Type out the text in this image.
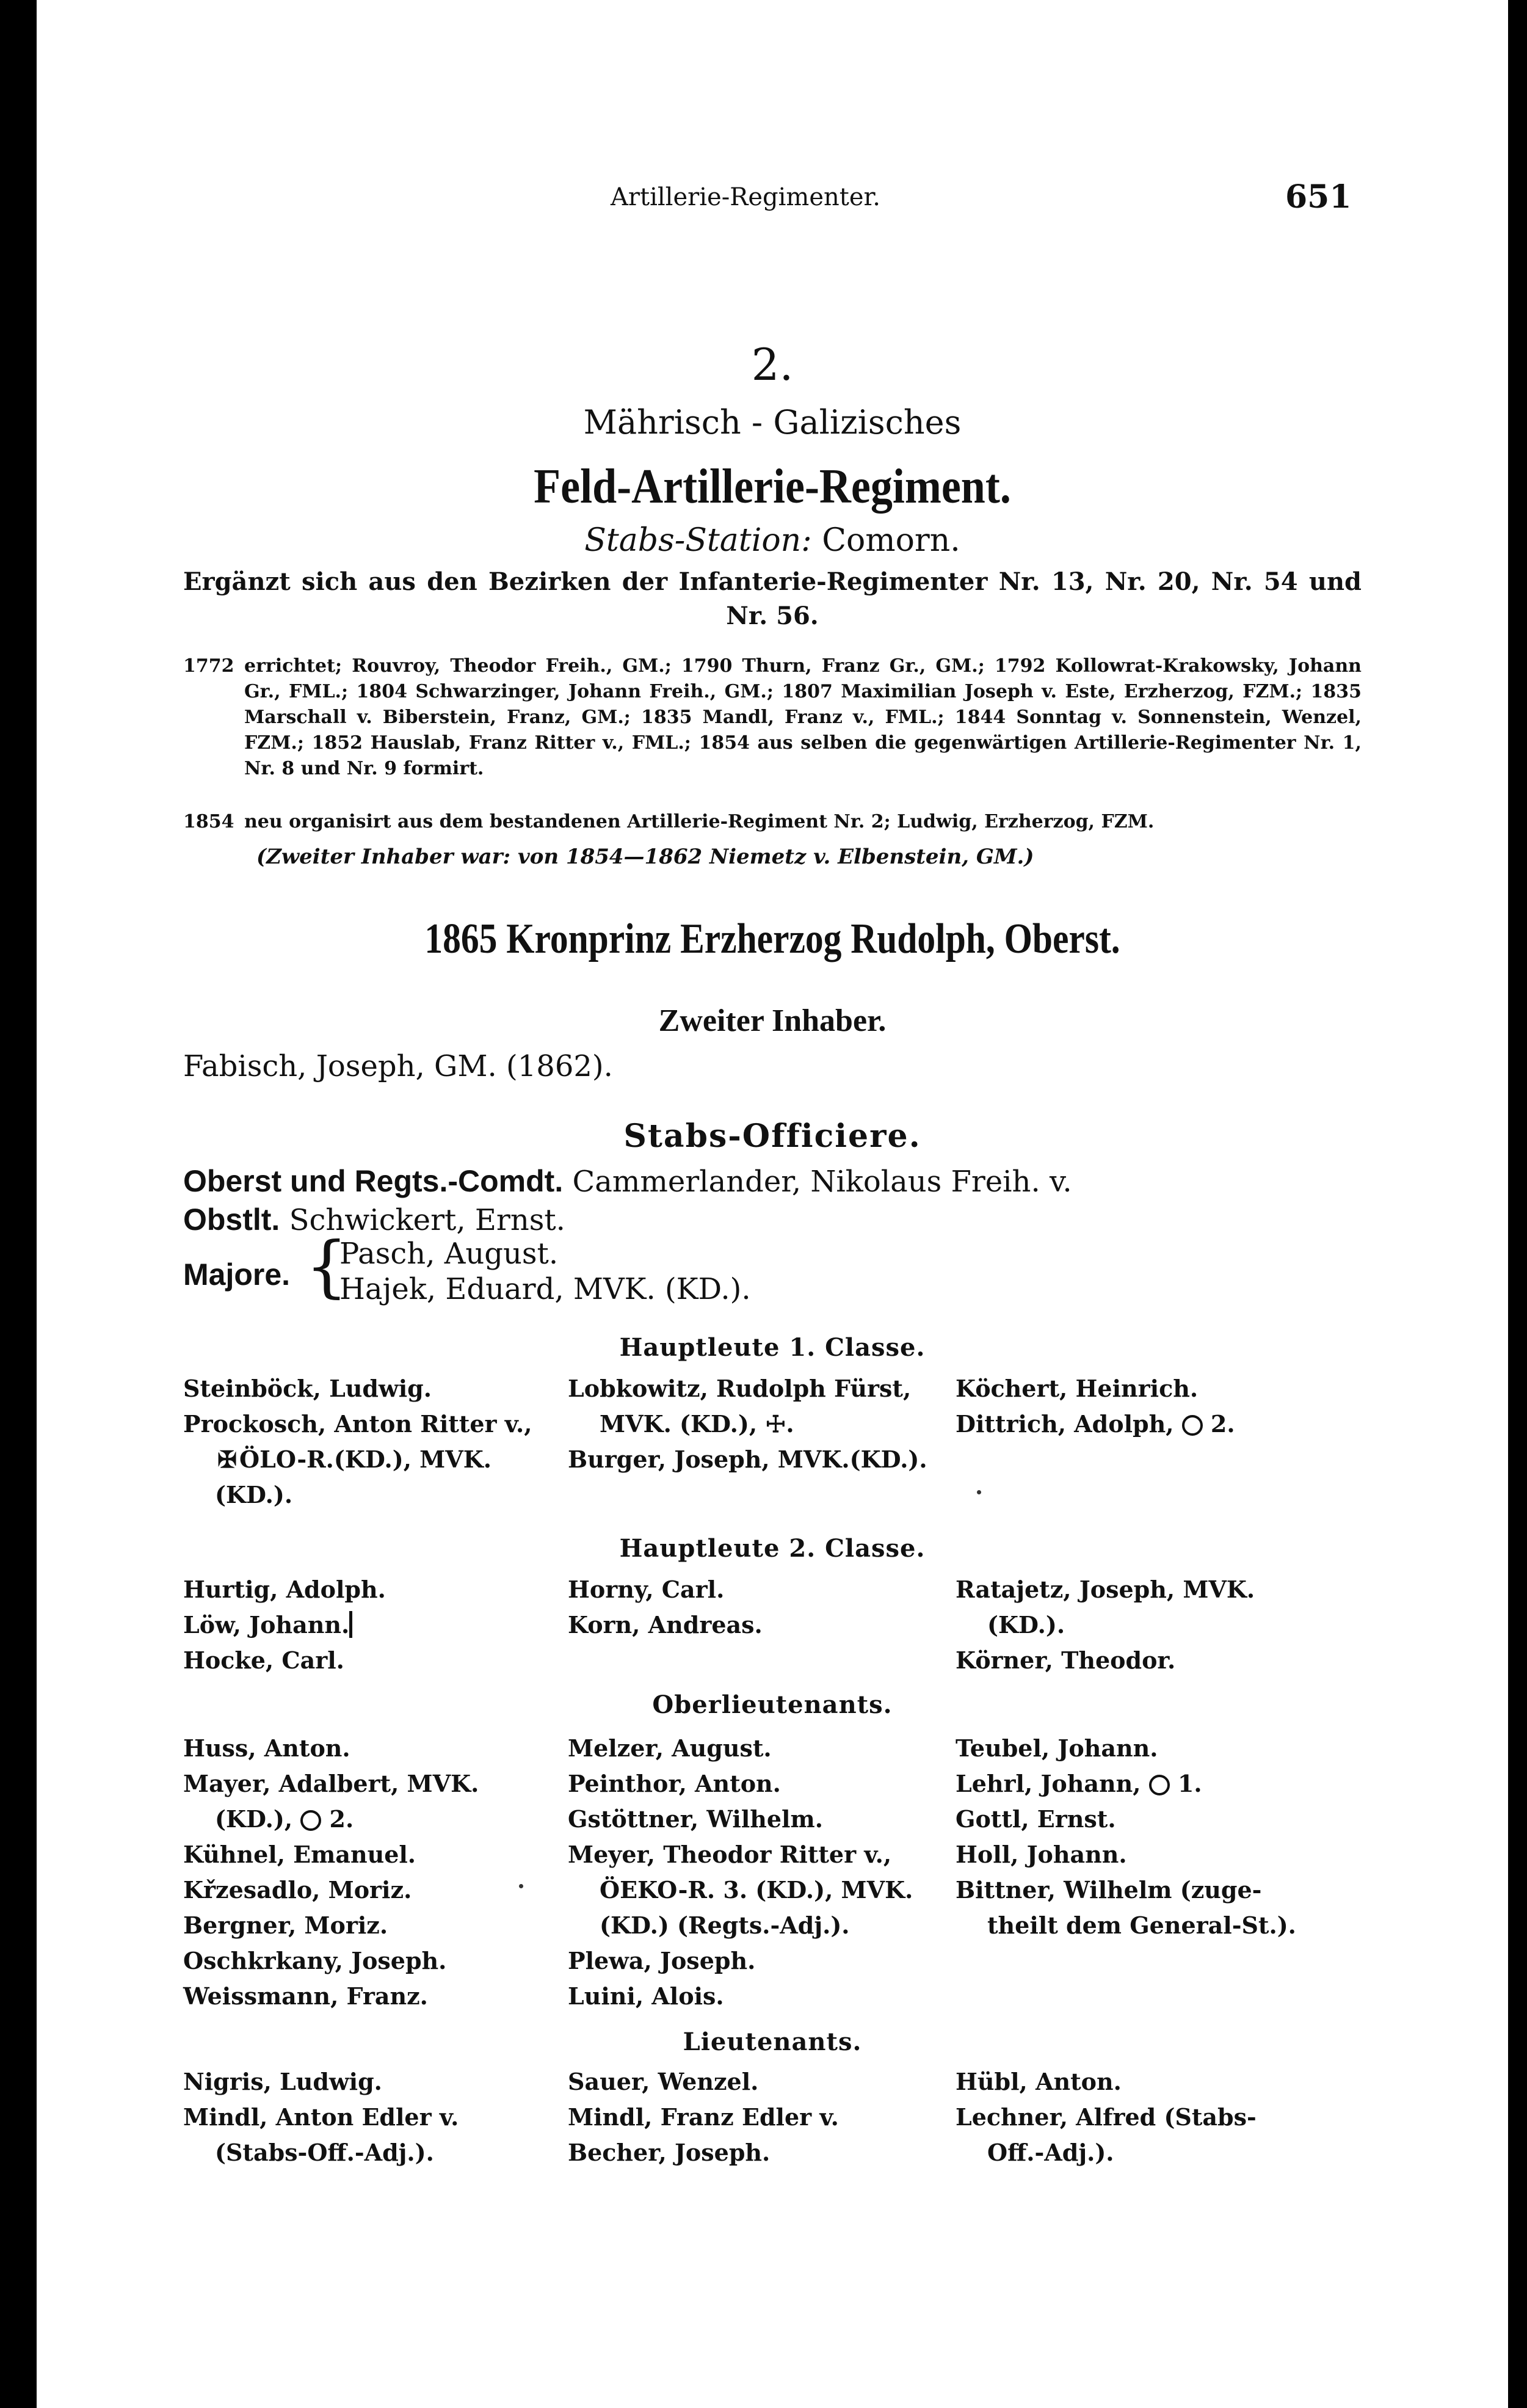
Artillerie-Regimenter.	651
2.
Mährisch - Galizisches
Feld-Artillerie-Regiment.
Stabs-Station: Comorn.
Ergänzt sich aus den Bezirken der Infanterie-Regimenter Nr. 13, Nr. 20, Nr. 54 und Nr. 56.
1772 errichtet; Rouvroy, Theodor Freih., GM.; 1790 Thurn, Franz Gr., GM.; 1792 Kollowrat-Krakowsky, Johann Gr., FML.; 1804 Schwarzinger, Johann Freih., GM.; 1807 Maximilian Joseph v. Este, Erzherzog, FZM.; 1835 Marschall v. Biberstein, Franz, GM.; 1835 Mandl, Franz v., FML.; 1844 Sonntag v. Sonnenstein, Wenzel, FZM.; 1852 Hauslab, Franz Ritter v., FML.; 1854 aus selben die gegenwärtigen Artillerie-Regimenter Nr. 1, Nr. 8 und Nr. 9 formirt.
1854 neu organisirt aus dem bestandenen Artillerie-Regiment Nr. 2; Ludwig, Erzherzog, FZM.
(Zweiter Inhaber war: von 1854—1862 Niemetz v. Elbenstein, GM.)
1865 Kronprinz Erzherzog Rudolph, Oberst.
Zweiter Inhaber.
Fabisch, Joseph, GM. (1862).
Stabs-Officiere.
Oberst und Regts.-Comdt. Cammerlander, Nikolaus Freih. v.
Obstlt. Schwickert, Ernst.
Majore. {
Pasch, August.
Hajek, Eduard, MVK. (KD.).
Hauptleute 1. Classe.
Steinböck, Ludwig.
Prockosch, Anton Ritter v.,
✠ ÖLO-R.(KD.), MVK.
(KD.).
Lobkowitz, Rudolph Fürst,
MVK. (KD.), ☩.
Burger, Joseph, MVK.(KD.).
Köchert, Heinrich.
Dittrich, Adolph, 2.
Hauptleute 2. Classe.
Hurtig, Adolph.
Löw, Johann.
Hocke, Carl.
Horny, Carl.
Korn, Andreas.
Ratajetz, Joseph, MVK.
(KD.).
Körner, Theodor.
Oberlieutenants.
Huss, Anton.
Mayer, Adalbert, MVK.
(KD.), 2.
Kühnel, Emanuel.
Křzesadlo, Moriz.
Bergner, Moriz.
Oschkrkany, Joseph.
Weissmann, Franz.
Melzer, August.
Peinthor, Anton.
Gstöttner, Wilhelm.
Meyer, Theodor Ritter v.,
ÖEKO-R. 3. (KD.), MVK.
(KD.) (Regts.-Adj.).
Plewa, Joseph.
Luini, Alois.
Teubel, Johann.
Lehrl, Johann, 1.
Gottl, Ernst.
Holl, Johann.
Bittner, Wilhelm (zuge-
theilt dem General-St.).
Lieutenants.
Nigris, Ludwig.
Mindl, Anton Edler v.
(Stabs-Off.-Adj.).
Sauer, Wenzel.
Mindl, Franz Edler v.
Becher, Joseph.
Hübl, Anton.
Lechner, Alfred (Stabs-
Off.-Adj.).
